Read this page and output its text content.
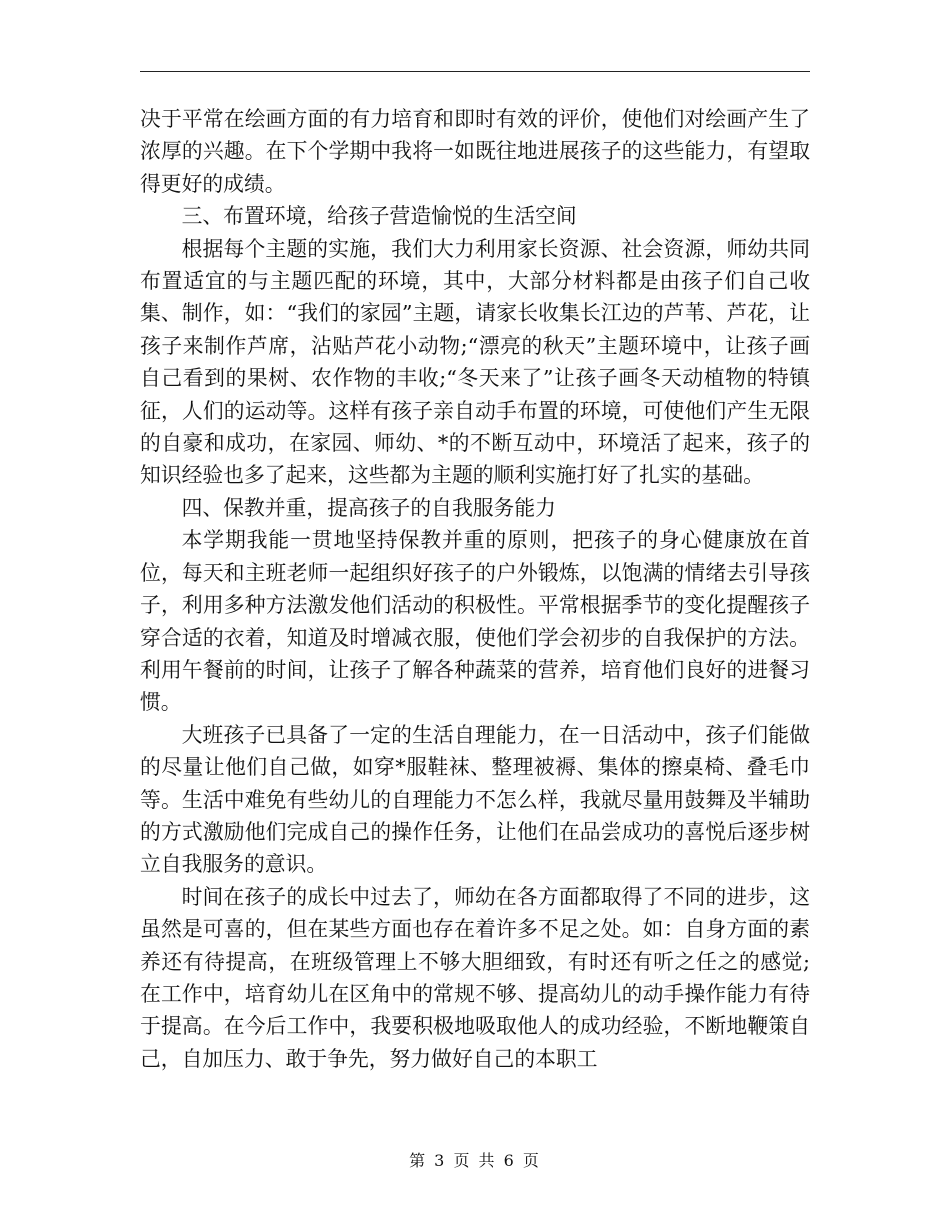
决于平常在绘画方面的有力培育和即时有效的评价，使他们对绘画产生了浓厚的兴趣。在下个学期中我将一如既往地进展孩子的这些能力，有望取得更好的成绩。

三、布置环境，给孩子营造愉悦的生活空间

根据每个主题的实施，我们大力利用家长资源、社会资源，师幼共同布置适宜的与主题匹配的环境，其中，大部分材料都是由孩子们自己收集、制作，如：“我们的家园”主题，请家长收集长江边的芦苇、芦花，让孩子来制作芦席，沾贴芦花小动物;“漂亮的秋天”主题环境中，让孩子画自己看到的果树、农作物的丰收;“冬天来了”让孩子画冬天动植物的特镇征，人们的运动等。这样有孩子亲自动手布置的环境，可使他们产生无限的自豪和成功，在家园、师幼、*的不断互动中，环境活了起来，孩子的知识经验也多了起来，这些都为主题的顺利实施打好了扎实的基础。

四、保教并重，提高孩子的自我服务能力

本学期我能一贯地坚持保教并重的原则，把孩子的身心健康放在首位，每天和主班老师一起组织好孩子的户外锻炼，以饱满的情绪去引导孩子，利用多种方法激发他们活动的积极性。平常根据季节的变化提醒孩子穿合适的衣着，知道及时增减衣服，使他们学会初步的自我保护的方法。利用午餐前的时间，让孩子了解各种蔬菜的营养，培育他们良好的进餐习惯。

大班孩子已具备了一定的生活自理能力，在一日活动中，孩子们能做的尽量让他们自己做，如穿*服鞋袜、整理被褥、集体的擦桌椅、叠毛巾等。生活中难免有些幼儿的自理能力不怎么样，我就尽量用鼓舞及半辅助的方式激励他们完成自己的操作任务，让他们在品尝成功的喜悦后逐步树立自我服务的意识。

时间在孩子的成长中过去了，师幼在各方面都取得了不同的进步，这虽然是可喜的，但在某些方面也存在着许多不足之处。如：自身方面的素养还有待提高，在班级管理上不够大胆细致，有时还有听之任之的感觉;在工作中，培育幼儿在区角中的常规不够、提高幼儿的动手操作能力有待于提高。在今后工作中，我要积极地吸取他人的成功经验，不断地鞭策自己，自加压力、敢于争先，努力做好自己的本职工

第 3 页 共 6 页
